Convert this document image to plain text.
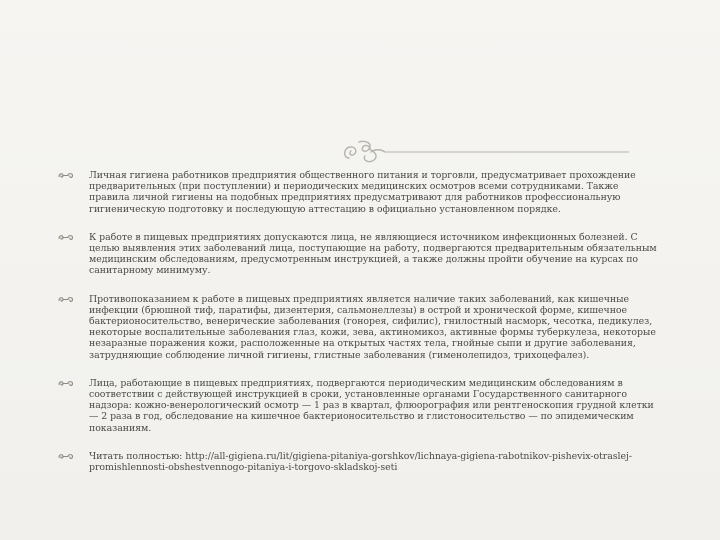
Личная гигиена работников предприятия общественного питания и торговли, предусматривает прохождение предварительных (при поступлении) и периодических медицинских осмотров всеми сотрудниками. Также правила личной гигиены на подобных предприятиях предусматривают для работников профессиональную гигиеническую подготовку и последующую аттестацию в официально установленном порядке.
К работе в пищевых предприятиях допускаются лица, не являющиеся источником инфекционных болезней. С целью выявления этих заболеваний лица, поступающие на работу, подвергаются предварительным обязательным медицинским обследованиям, предусмотренным инструкцией, а также должны пройти обучение на курсах по санитарному минимуму.
Противопоказанием к работе в пищевых предприятиях является наличие таких заболеваний, как кишечные инфекции (брюшной тиф, паратифы, дизентерия, сальмонеллезы) в острой и хронической форме, кишечное бактерионосительство, венерические заболевания (гонорея, сифилис), гнилостный насморк, чесотка, педикулез, некоторые воспалительные заболевания глаз, кожи, зева, актиномикоз, активные формы туберкулеза, некоторые незаразные поражения кожи, расположенные на открытых частях тела, гнойные сыпи и другие заболевания, затрудняющие соблюдение личной гигиены, глистные заболевания (гименолепидоз, трихоцефалез).
Лица, работающие в пищевых предприятиях, подвергаются периодическим медицинским обследованиям в соответствии с действующей инструкцией в сроки, установленные органами Государственного санитарного надзора: кожно-венерологический осмотр — 1 раз в квартал, флюорография или рентгеноскопия грудной клетки — 2 раза в год, обследование на кишечное бактерионосительство и глистоносительство — по эпидемическим показаниям.
Читать полностью: http://all-gigiena.ru/lit/gigiena-pitaniya-gorshkov/lichnaya-gigiena-rabotnikov-pishevix-otraslej-promishlennosti-obshestvennogo-pitaniya-i-torgovo-skladskoj-seti
